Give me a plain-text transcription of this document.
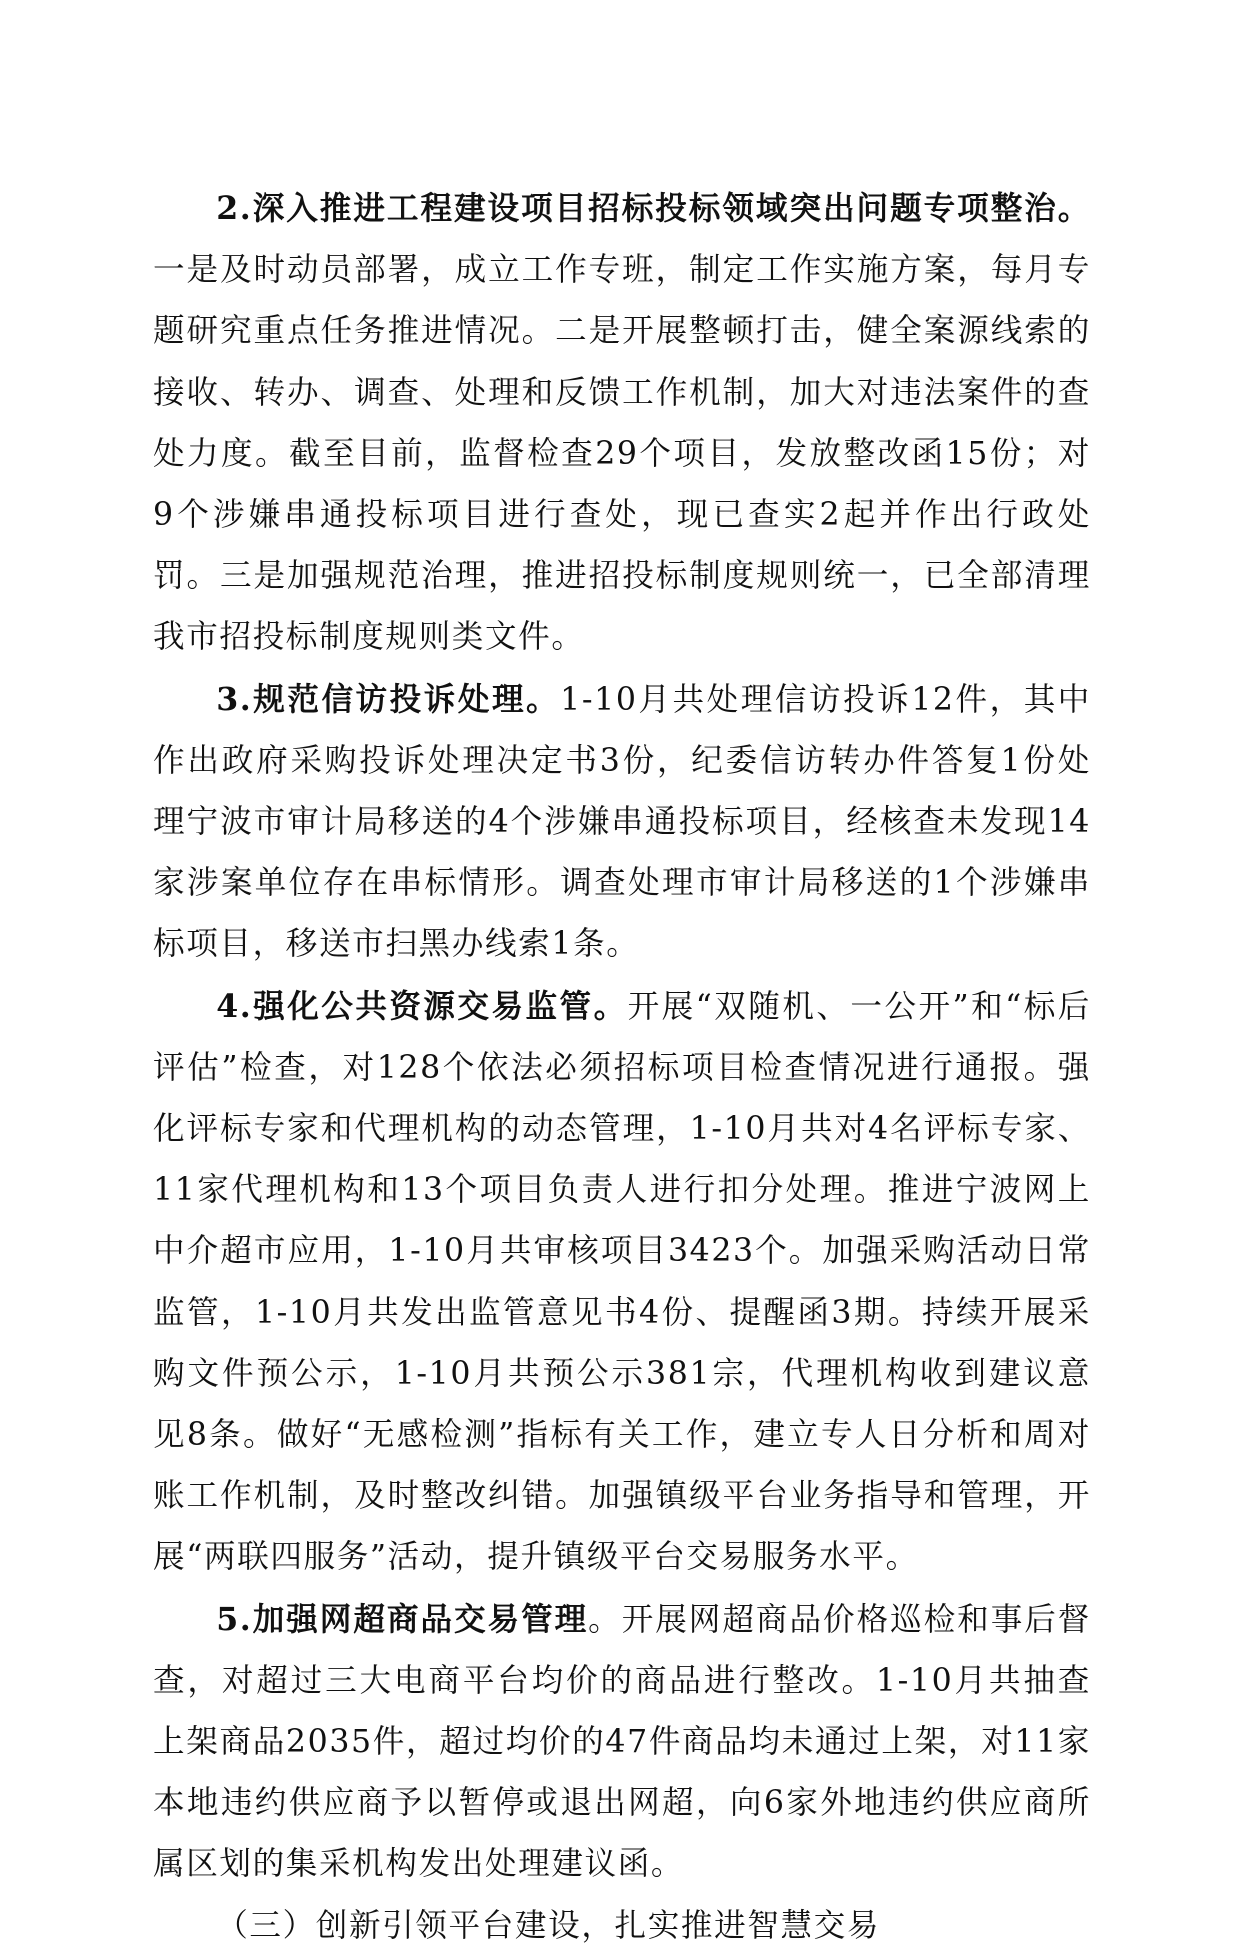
2.深入推进工程建设项目招标投标领域突出问题专项整治。一是及时动员部署，成立工作专班，制定工作实施方案，每月专题研究重点任务推进情况。二是开展整顿打击，健全案源线索的接收、转办、调查、处理和反馈工作机制，加大对违法案件的查处力度。截至目前，监督检查29个项目，发放整改函15份；对9个涉嫌串通投标项目进行查处，现已查实2起并作出行政处罚。三是加强规范治理，推进招投标制度规则统一，已全部清理我市招投标制度规则类文件。

3.规范信访投诉处理。1-10月共处理信访投诉12件，其中作出政府采购投诉处理决定书3份，纪委信访转办件答复1份处理宁波市审计局移送的4个涉嫌串通投标项目，经核查未发现14家涉案单位存在串标情形。调查处理市审计局移送的1个涉嫌串标项目，移送市扫黑办线索1条。

4.强化公共资源交易监管。开展“双随机、一公开”和“标后评估”检查，对128个依法必须招标项目检查情况进行通报。强化评标专家和代理机构的动态管理，1-10月共对4名评标专家、11家代理机构和13个项目负责人进行扣分处理。推进宁波网上中介超市应用，1-10月共审核项目3423个。加强采购活动日常监管，1-10月共发出监管意见书4份、提醒函3期。持续开展采购文件预公示，1-10月共预公示381宗，代理机构收到建议意见8条。做好“无感检测”指标有关工作，建立专人日分析和周对账工作机制，及时整改纠错。加强镇级平台业务指导和管理，开展“两联四服务”活动，提升镇级平台交易服务水平。

5.加强网超商品交易管理。开展网超商品价格巡检和事后督查，对超过三大电商平台均价的商品进行整改。1-10月共抽查上架商品2035件，超过均价的47件商品均未通过上架，对11家本地违约供应商予以暂停或退出网超，向6家外地违约供应商所属区划的集采机构发出处理建议函。

（三）创新引领平台建设，扎实推进智慧交易
